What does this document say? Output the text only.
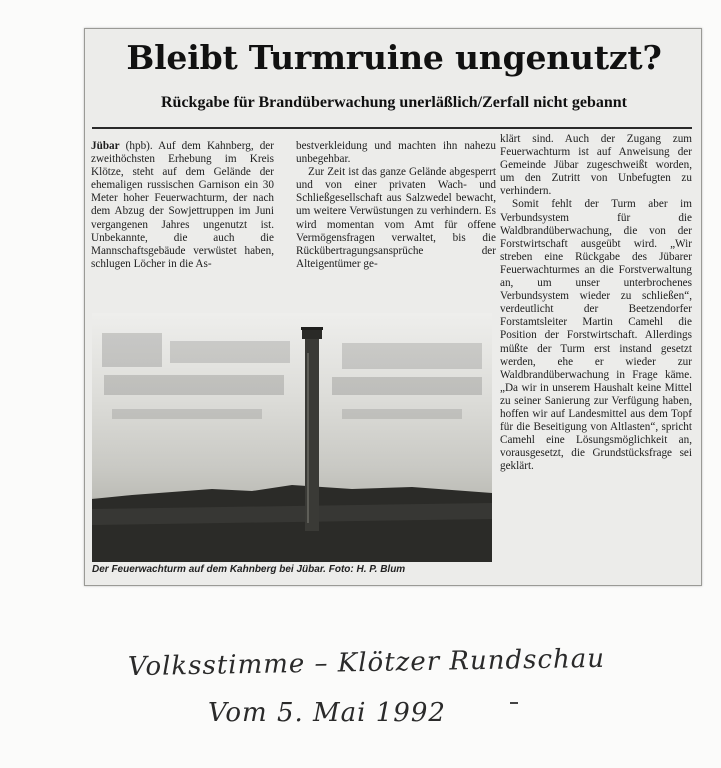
Bleibt Turmruine ungenutzt?
Rückgabe für Brandüberwachung unerläßlich/Zerfall nicht gebannt

Jübar (hpb). Auf dem Kahnberg, der zweithöchsten Erhebung im Kreis Klötze, steht auf dem Gelände der ehemaligen russischen Garnison ein 30 Meter hoher Feuerwachturm, der nach dem Abzug der Sowjettruppen im Juni vergangenen Jahres ungenutzt ist. Unbekannte, die auch die Mannschaftsgebäude verwüstet haben, schlugen Löcher in die As-

bestverkleidung und machten ihn nahezu unbegehbar.

Zur Zeit ist das ganze Gelände abgesperrt und von einer privaten Wach- und Schließgesellschaft aus Salzwedel bewacht, um weitere Verwüstungen zu verhindern. Es wird momentan vom Amt für offene Vermögensfragen verwaltet, bis die Rückübertragungsansprüche der Alteigentümer ge-

klärt sind. Auch der Zugang zum Feuerwachturm ist auf Anweisung der Gemeinde Jübar zugeschweißt worden, um den Zutritt von Unbefugten zu verhindern.

Somit fehlt der Turm aber im Verbundsystem für die Waldbrandüberwachung, die von der Forstwirtschaft ausgeübt wird. „Wir streben eine Rückgabe des Jübarer Feuerwachturmes an die Forstverwaltung an, um unser unterbrochenes Verbundsystem wieder zu schließen“, verdeutlicht der Beetzendorfer Forstamtsleiter Martin Camehl die Position der Forstwirtschaft. Allerdings müßte der Turm erst instand gesetzt werden, ehe er wieder zur Waldbrandüberwachung in Frage käme. „Da wir in unserem Haushalt keine Mittel zu seiner Sanierung zur Verfügung haben, hoffen wir auf Landesmittel aus dem Topf für die Beseitigung von Altlasten“, spricht Camehl eine Lösungsmöglichkeit an, vorausgesetzt, die Grundstücksfrage sei geklärt.

Der Feuerwachturm auf dem Kahnberg bei Jübar. Foto: H. P. Blum
Volksstimme – Klötzer Rundschau
Vom 5. Mai 1992
